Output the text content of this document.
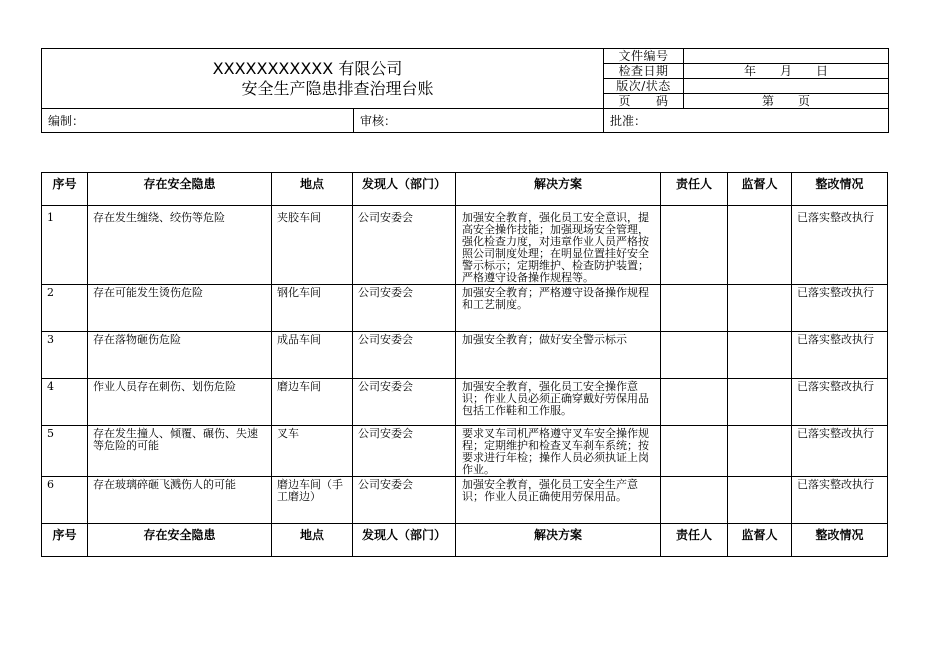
XXXXXXXXXXX 有限公司
安全生产隐患排查治理台账	文件编号	
	检查日期	年　　月　　日
	版次/状态	
	页　　码	第　　页
编制：	审核：	批准：
序号	存在安全隐患	地点	发现人（部门）	解决方案	责任人	监督人	整改情况
1	存在发生缠绕、绞伤等危险	夹胶车间	公司安委会	加强安全教育，强化员工安全意识，提高安全操作技能；加强现场安全管理，强化检查力度，对违章作业人员严格按照公司制度处理；在明显位置挂好安全警示标示；定期维护、检查防护装置；严格遵守设备操作规程等。			已落实整改执行
2	存在可能发生烫伤危险	钢化车间	公司安委会	加强安全教育；严格遵守设备操作规程和工艺制度。			已落实整改执行
3	存在落物砸伤危险	成品车间	公司安委会	加强安全教育；做好安全警示标示			已落实整改执行
4	作业人员存在刺伤、划伤危险	磨边车间	公司安委会	加强安全教育，强化员工安全操作意识；作业人员必须正确穿戴好劳保用品包括工作鞋和工作服。			已落实整改执行
5	存在发生撞人、倾覆、碾伤、失速等危险的可能	叉车	公司安委会	要求叉车司机严格遵守叉车安全操作规程；定期维护和检查叉车刹车系统；按要求进行年检；操作人员必须执证上岗作业。			已落实整改执行
6	存在玻璃碎砸飞溅伤人的可能	磨边车间（手工磨边）	公司安委会	加强安全教育，强化员工安全生产意识；作业人员正确使用劳保用品。			已落实整改执行
序号	存在安全隐患	地点	发现人（部门）	解决方案	责任人	监督人	整改情况
